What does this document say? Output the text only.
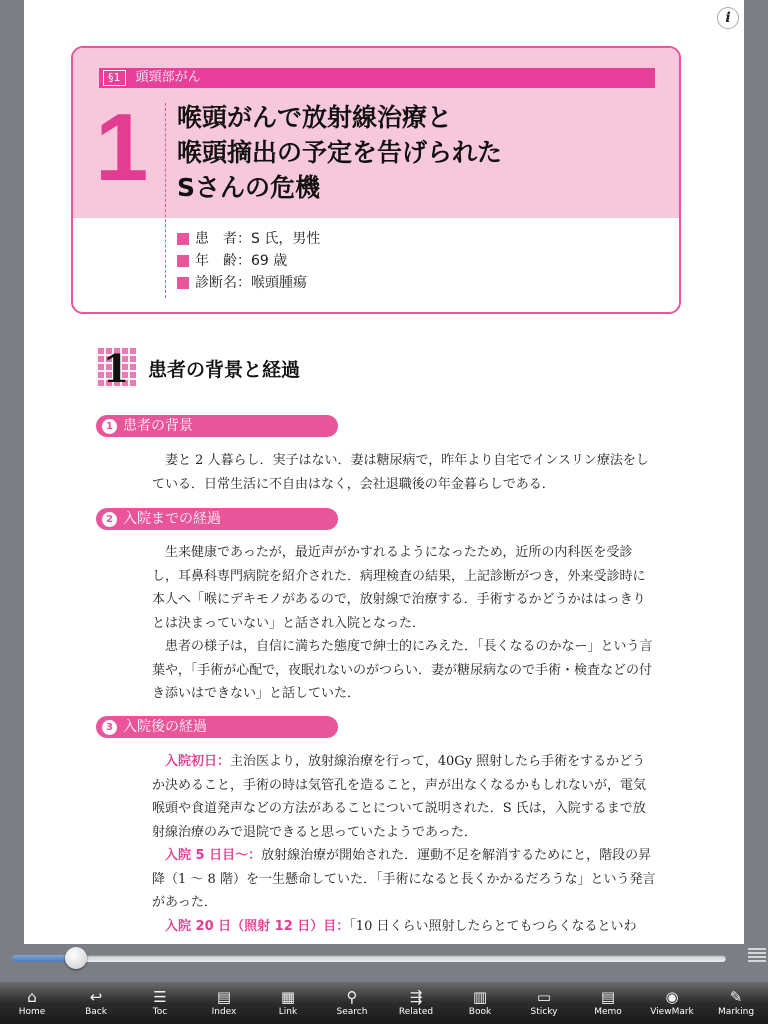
i
§1 頭頸部がん
1	喉頭がんで放射線治療と
喉頭摘出の予定を告げられた
Sさんの危機
患　者： S 氏，男性
年　齢： 69 歳
診断名： 喉頭腫瘍
1 患者の背景と経過
1 患者の背景

妻と 2 人暮らし．実子はない．妻は糖尿病で，昨年より自宅でインスリン療法をしている．日常生活に不自由はなく，会社退職後の年金暮らしである．

2 入院までの経過

生来健康であったが，最近声がかすれるようになったため，近所の内科医を受診し，耳鼻科専門病院を紹介された．病理検査の結果，上記診断がつき，外来受診時に本人へ「喉にデキモノがあるので，放射線で治療する．手術するかどうかははっきりとは決まっていない」と話され入院となった．

患者の様子は，自信に満ちた態度で紳士的にみえた．「長くなるのかなー」という言葉や，「手術が心配で，夜眠れないのがつらい．妻が糖尿病なので手術・検査などの付き添いはできない」と話していた．

3 入院後の経過

入院初日：主治医より，放射線治療を行って，40Gy 照射したら手術をするかどうか決めること，手術の時は気管孔を造ること，声が出なくなるかもしれないが，電気喉頭や食道発声などの方法があることについて説明された．S 氏は，入院するまで放射線治療のみで退院できると思っていたようであった．

入院 5 日目～：放射線治療が開始された．運動不足を解消するためにと，階段の昇降（1 ～ 8 階）を一生懸命していた．「手術になると長くかかるだろうな」という発言があった．

入院 20 日（照射 12 日）目：「10 日くらい照射したらとてもつらくなるといわ

⌂
Home
↩
Back
☰
Toc
▤
Index
▦
Link
⚲
Search
⇶
Related
▥
Book
▭
Sticky
▤
Memo
◉
ViewMark
✎
Marking
